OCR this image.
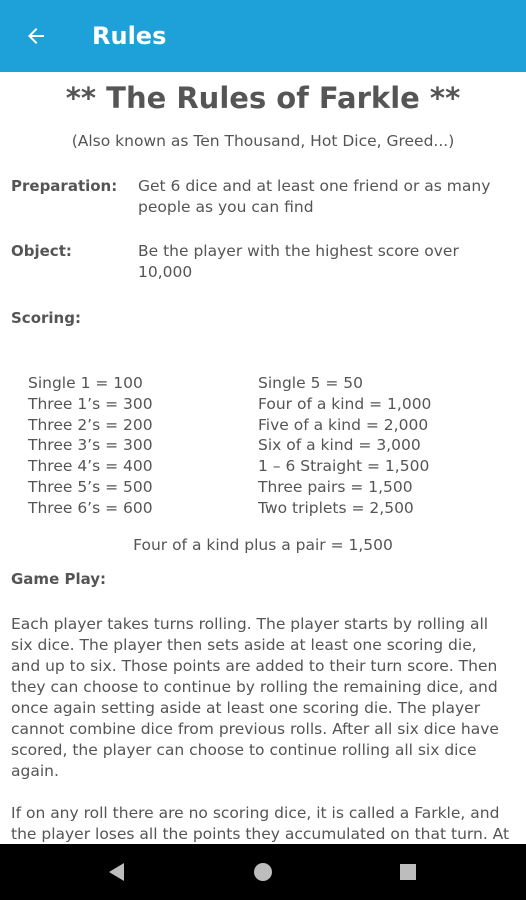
Rules
** The Rules of Farkle **
(Also known as Ten Thousand, Hot Dice, Greed...)
Preparation: Get 6 dice and at least one friend or as many
people as you can find
Object:	Be the player with the highest score over
10,000
Scoring:
Single 1 = 100
Three 1’s = 300
Three 2’s = 200
Three 3’s = 300
Three 4’s = 400
Three 5’s = 500
Three 6’s = 600
Single 5 = 50
Four of a kind = 1,000
Five of a kind = 2,000
Six of a kind = 3,000
1 – 6 Straight = 1,500
Three pairs = 1,500
Two triplets = 2,500
Four of a kind plus a pair = 1,500
Game Play:
Each player takes turns rolling. The player starts by rolling all
six dice. The player then sets aside at least one scoring die,
and up to six. Those points are added to their turn score. Then
they can choose to continue by rolling the remaining dice, and
once again setting aside at least one scoring die. The player
cannot combine dice from previous rolls. After all six dice have
scored, the player can choose to continue rolling all six dice
again.
If on any roll there are no scoring dice, it is called a Farkle, and
the player loses all the points they accumulated on that turn. At
